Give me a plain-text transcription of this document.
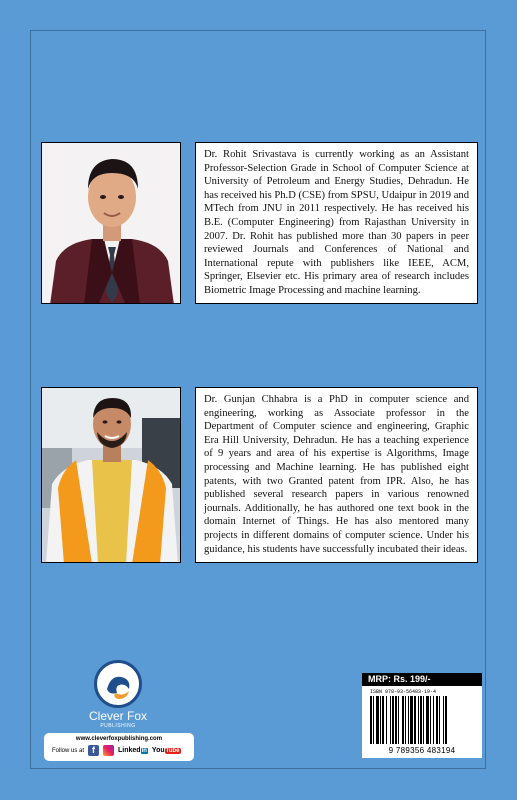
Dr. Rohit Srivastava is currently working as an Assistant Professor-Selection Grade in School of Computer Science at University of Petroleum and Energy Studies, Dehradun. He has received his Ph.D (CSE) from SPSU, Udaipur in 2019 and MTech from JNU in 2011 respectively. He has received his B.E. (Computer Engineering) from Rajasthan University in 2007. Dr. Rohit has published more than 30 papers in peer reviewed Journals and Conferences of National and International repute with publishers like IEEE, ACM, Springer, Elsevier etc. His primary area of research includes Biometric Image Processing and machine learning.

Dr. Gunjan Chhabra is a PhD in computer science and engineering, working as Associate professor in the Department of Computer science and engineering, Graphic Era Hill University, Dehradun. He has a teaching experience of 9 years and area of his expertise is Algorithms, Image processing and Machine learning. He has published eight patents, with two Granted patent from IPR. Also, he has published several research papers in various renowned journals. Additionally, he has authored one text book in the domain Internet of Things. He has also mentored many projects in different domains of computer science. Under his guidance, his students have successfully incubated their ideas.

Clever Fox
PUBLISHING
www.cleverfoxpublishing.com
Follow us at f	Linkedin YouTube
MRP: Rs. 199/-
ISBN 978-93-56483-19-4
9 789356 483194
